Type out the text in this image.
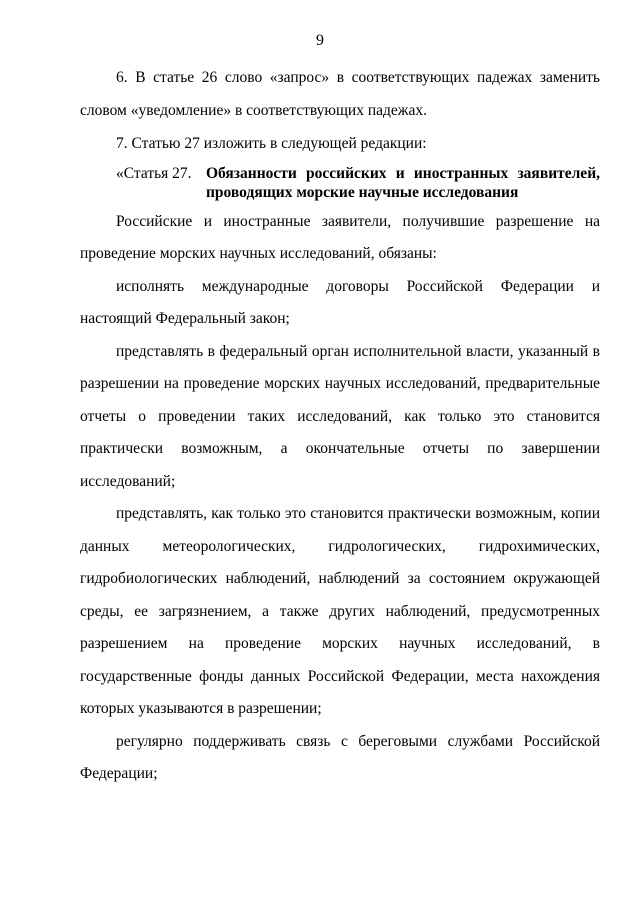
9

6. В статье 26 слово «запрос» в соответствующих падежах заменить словом «уведомление» в соответствующих падежах.

7. Статью 27 изложить в следующей редакции:

«Статья 27. Обязанности российских и иностранных заявителей, проводящих морские научные исследования

Российские и иностранные заявители, получившие разрешение на проведение морских научных исследований, обязаны:

исполнять международные договоры Российской Федерации и настоящий Федеральный закон;

представлять в федеральный орган исполнительной власти, указанный в разрешении на проведение морских научных исследований, предварительные отчеты о проведении таких исследований, как только это становится практически возможным, а окончательные отчеты по завершении исследований;

представлять, как только это становится практически возможным, копии данных метеорологических, гидрологических, гидрохимических, гидробиологических наблюдений, наблюдений за состоянием окружающей среды, ее загрязнением, а также других наблюдений, предусмотренных разрешением на проведение морских научных исследований, в государственные фонды данных Российской Федерации, места нахождения которых указываются в разрешении;

регулярно поддерживать связь с береговыми службами Российской Федерации;
